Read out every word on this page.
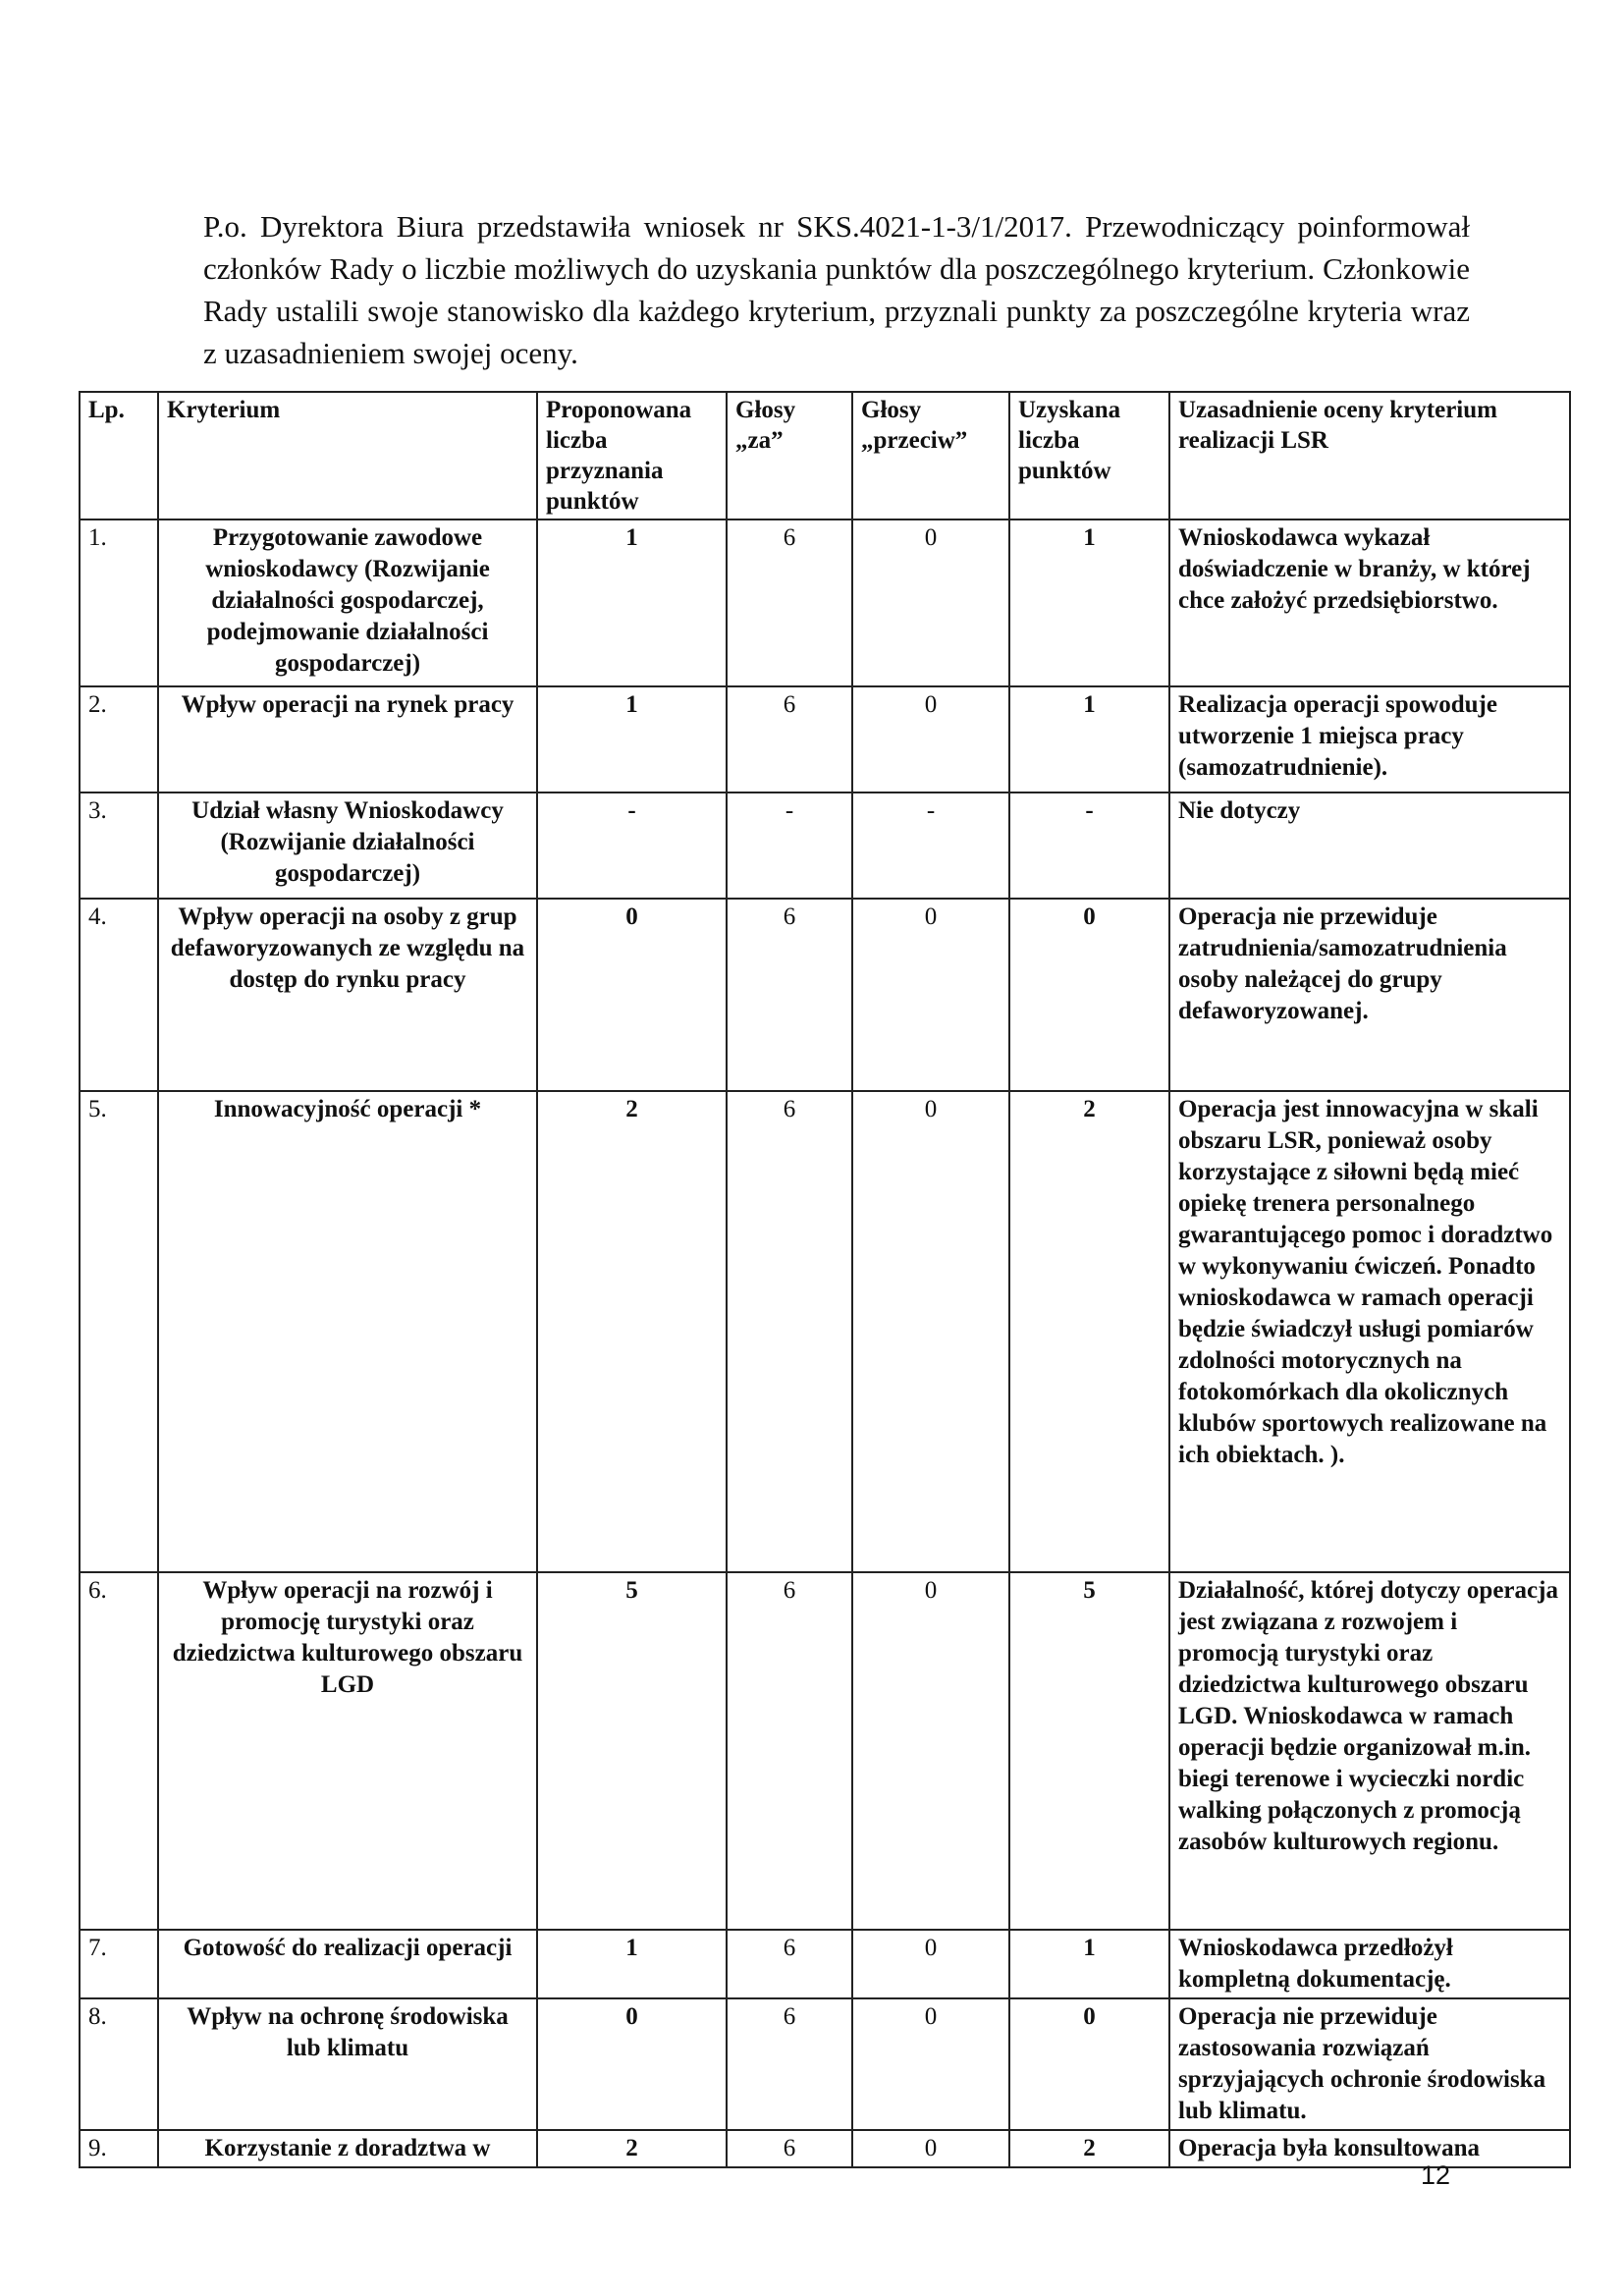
P.o. Dyrektora Biura przedstawiła wniosek nr SKS.4021-1-3/1/2017. Przewodniczący poinformował członków Rady o liczbie możliwych do uzyskania punktów dla poszczególnego kryterium. Członkowie Rady ustalili swoje stanowisko dla każdego kryterium, przyznali punkty za poszczególne kryteria wraz z uzasadnieniem swojej oceny.

Lp.	Kryterium	Proponowana liczba przyznania punktów	Głosy „za”	Głosy „przeciw”	Uzyskana liczba punktów	Uzasadnienie oceny kryterium realizacji LSR
1.	Przygotowanie zawodowe wnioskodawcy (Rozwijanie działalności gospodarczej, podejmowanie działalności gospodarczej)	1	6	0	1	Wnioskodawca wykazał doświadczenie w branży, w której chce założyć przedsiębiorstwo.
2.	Wpływ operacji na rynek pracy	1	6	0	1	Realizacja operacji spowoduje utworzenie 1 miejsca pracy (samozatrudnienie).
3.	Udział własny Wnioskodawcy (Rozwijanie działalności gospodarczej)	-	-	-	-	Nie dotyczy
4.	Wpływ operacji na osoby z grup defaworyzowanych ze względu na dostęp do rynku pracy	0	6	0	0	Operacja nie przewiduje zatrudnienia/samozatrudnienia osoby należącej do grupy defaworyzowanej.
5.	Innowacyjność operacji *	2	6	0	2	Operacja jest innowacyjna w skali obszaru LSR, ponieważ osoby korzystające z siłowni będą mieć opiekę trenera personalnego gwarantującego pomoc i doradztwo w wykonywaniu ćwiczeń. Ponadto wnioskodawca w ramach operacji będzie świadczył usługi pomiarów zdolności motorycznych na fotokomórkach dla okolicznych klubów sportowych realizowane na ich obiektach. ).
6.	Wpływ operacji na rozwój i promocję turystyki oraz dziedzictwa kulturowego obszaru LGD	5	6	0	5	Działalność, której dotyczy operacja jest związana z rozwojem i promocją turystyki oraz dziedzictwa kulturowego obszaru LGD. Wnioskodawca w ramach operacji będzie organizował m.in. biegi terenowe i wycieczki nordic walking połączonych z promocją zasobów kulturowych regionu.
7.	Gotowość do realizacji operacji	1	6	0	1	Wnioskodawca przedłożył kompletną dokumentację.
8.	Wpływ na ochronę środowiska lub klimatu	0	6	0	0	Operacja nie przewiduje zastosowania rozwiązań sprzyjających ochronie środowiska lub klimatu.
9.	Korzystanie z doradztwa w	2	6	0	2	Operacja była konsultowana
12
